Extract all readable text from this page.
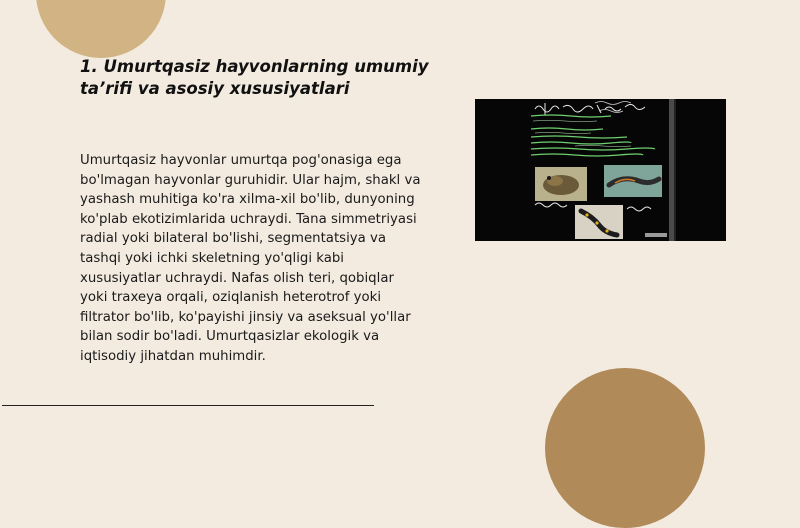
1. Umurtqasiz hayvonlarning umumiy ta’rifi va asosiy xususiyatlari

Umurtqasiz hayvonlar umurtqa pog'onasiga ega bo'lmagan hayvonlar guruhidir. Ular hajm, shakl va yashash muhitiga ko'ra xilma-xil bo'lib, dunyoning ko'plab ekotizimlarida uchraydi. Tana simmetriyasi radial yoki bilateral bo'lishi, segmentatsiya va tashqi yoki ichki skeletning yo'qligi kabi xususiyatlar uchraydi. Nafas olish teri, qobiqlar yoki traxeya orqali, oziqlanish heterotrof yoki filtrator bo'lib, ko'payishi jinsiy va aseksual yo'llar bilan sodir bo'ladi. Umurtqasizlar ekologik va iqtisodiy jihatdan muhimdir.
